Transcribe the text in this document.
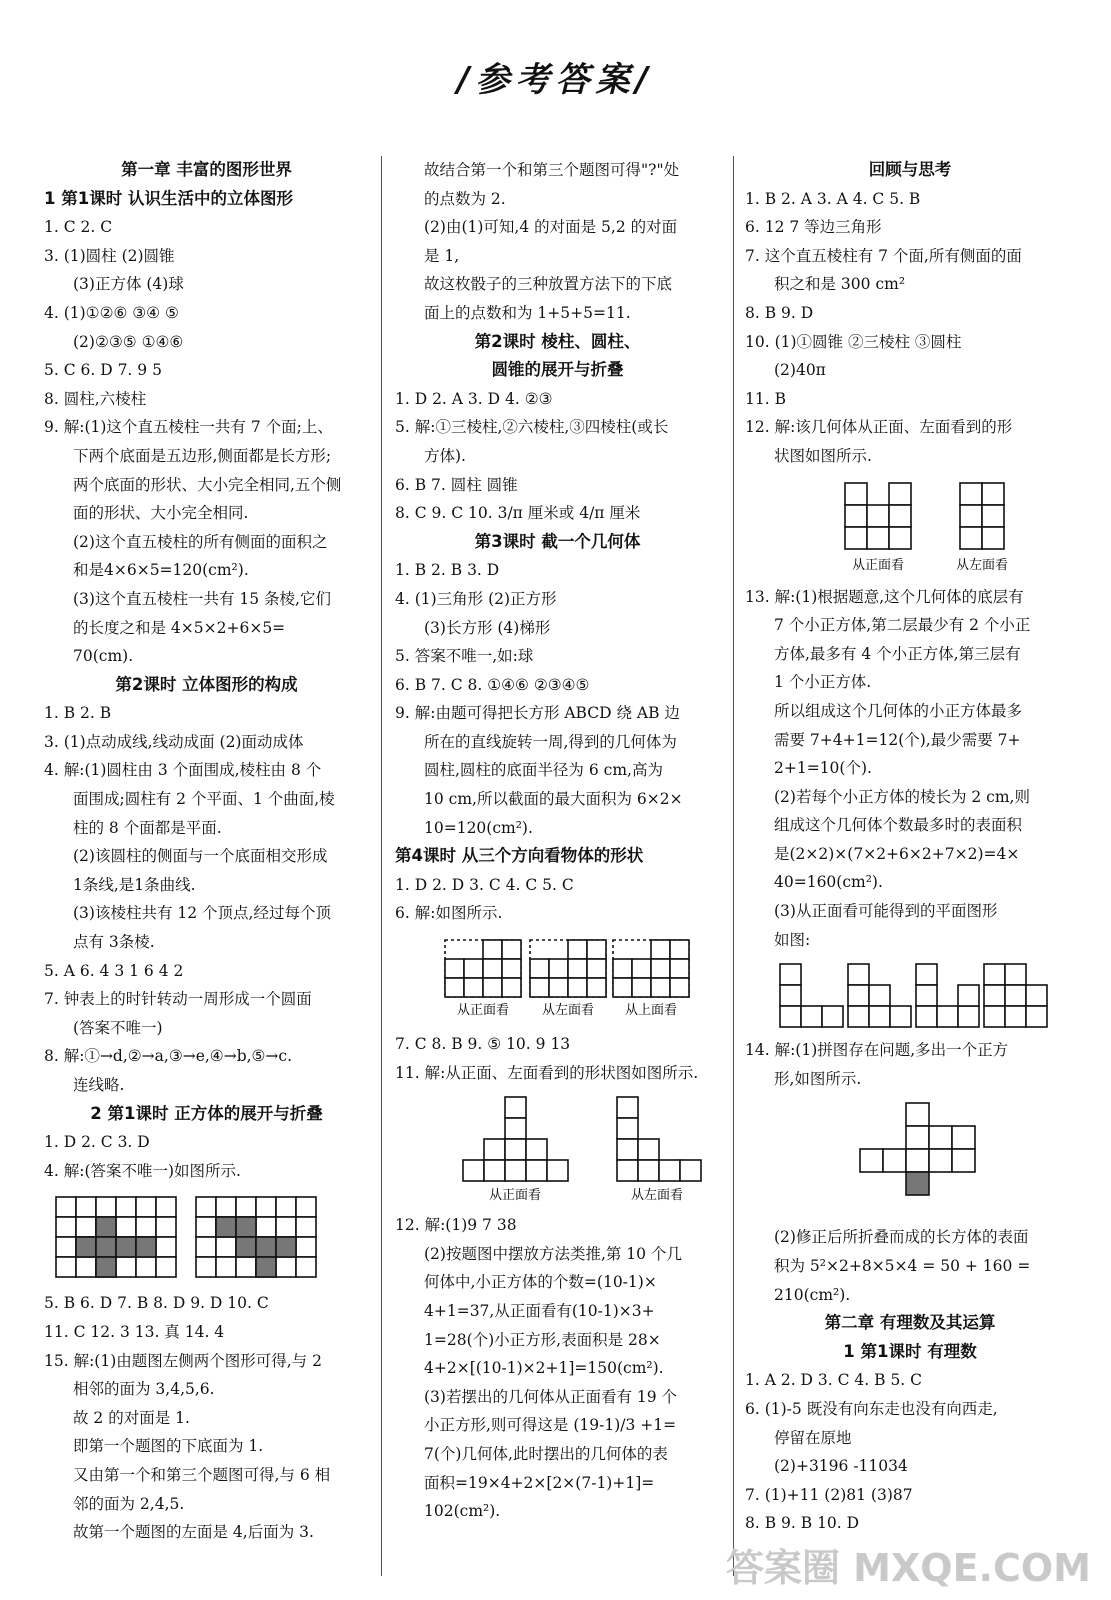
/参考答案/
第一章 丰富的图形世界
1 第1课时 认识生活中的立体图形
1. C 2. C
3. (1)圆柱 (2)圆锥
(3)正方体 (4)球
4. (1)①②⑥ ③④ ⑤
(2)②③⑤ ①④⑥
5. C 6. D 7. 9 5
8. 圆柱,六棱柱
9. 解:(1)这个直五棱柱一共有 7 个面;上、
下两个底面是五边形,侧面都是长方形;
两个底面的形状、大小完全相同,五个侧
面的形状、大小完全相同.
(2)这个直五棱柱的所有侧面的面积之
和是4×6×5=120(cm²).
(3)这个直五棱柱一共有 15 条棱,它们
的长度之和是 4×5×2+6×5=
70(cm).
第2课时 立体图形的构成
1. B 2. B
3. (1)点动成线,线动成面 (2)面动成体
4. 解:(1)圆柱由 3 个面围成,棱柱由 8 个
面围成;圆柱有 2 个平面、1 个曲面,棱
柱的 8 个面都是平面.
(2)该圆柱的侧面与一个底面相交形成
1条线,是1条曲线.
(3)该棱柱共有 12 个顶点,经过每个顶
点有 3条棱.
5. A 6. 4 3 1 6 4 2
7. 钟表上的时针转动一周形成一个圆面
(答案不唯一)
8. 解:①→d,②→a,③→e,④→b,⑤→c.
连线略.
2 第1课时 正方体的展开与折叠
1. D 2. C 3. D
4. 解:(答案不唯一)如图所示.
5. B 6. D 7. B 8. D 9. D 10. C
11. C 12. 3 13. 真 14. 4
15. 解:(1)由题图左侧两个图形可得,与 2
相邻的面为 3,4,5,6.
故 2 的对面是 1.
即第一个题图的下底面为 1.
又由第一个和第三个题图可得,与 6 相
邻的面为 2,4,5.
故第一个题图的左面是 4,后面为 3.
故结合第一个和第三个题图可得"?"处
的点数为 2.
(2)由(1)可知,4 的对面是 5,2 的对面
是 1,
故这枚骰子的三种放置方法下的下底
面上的点数和为 1+5+5=11.
第2课时 棱柱、圆柱、
圆锥的展开与折叠
1. D 2. A 3. D 4. ②③
5. 解:①三棱柱,②六棱柱,③四棱柱(或长
方体).
6. B 7. 圆柱 圆锥
8. C 9. C 10. 3/π 厘米或 4/π 厘米
第3课时 截一个几何体
1. B 2. B 3. D
4. (1)三角形 (2)正方形
(3)长方形 (4)梯形
5. 答案不唯一,如:球
6. B 7. C 8. ①④⑥ ②③④⑤
9. 解:由题可得把长方形 ABCD 绕 AB 边
所在的直线旋转一周,得到的几何体为
圆柱,圆柱的底面半径为 6 cm,高为
10 cm,所以截面的最大面积为 6×2×
10=120(cm²).
第4课时 从三个方向看物体的形状
1. D 2. D 3. C 4. C 5. C
6. 解:如图所示.
从正面看	从左面看 从上面看
7. C 8. B 9. ⑤ 10. 9 13
11. 解:从正面、左面看到的形状图如图所示.
从正面看	从左面看
12. 解:(1)9 7 38
(2)按题图中摆放方法类推,第 10 个几
何体中,小正方体的个数=(10-1)×
4+1=37,从正面看有(10-1)×3+
1=28(个)小正方形,表面积是 28×
4+2×[(10-1)×2+1]=150(cm²).
(3)若摆出的几何体从正面看有 19 个
小正方形,则可得这是 (19-1)/3 +1=
7(个)几何体,此时摆出的几何体的表
面积=19×4+2×[2×(7-1)+1]=
102(cm²).
回顾与思考
1. B 2. A 3. A 4. C 5. B
6. 12 7 等边三角形
7. 这个直五棱柱有 7 个面,所有侧面的面
积之和是 300 cm²
8. B 9. D
10. (1)①圆锥 ②三棱柱 ③圆柱
(2)40π
11. B
12. 解:该几何体从正面、左面看到的形
状图如图所示.
从正面看	从左面看
13. 解:(1)根据题意,这个几何体的底层有
7 个小正方体,第二层最少有 2 个小正
方体,最多有 4 个小正方体,第三层有
1 个小正方体.
所以组成这个几何体的小正方体最多
需要 7+4+1=12(个),最少需要 7+
2+1=10(个).
(2)若每个小正方体的棱长为 2 cm,则
组成这个几何体个数最多时的表面积
是(2×2)×(7×2+6×2+7×2)=4×
40=160(cm²).
(3)从正面看可能得到的平面图形
如图:
14. 解:(1)拼图存在问题,多出一个正方
形,如图所示.
(2)修正后所折叠而成的长方体的表面
积为 5²×2+8×5×4 = 50 + 160 =
210(cm²).
第二章 有理数及其运算
1 第1课时 有理数
1. A 2. D 3. C 4. B 5. C
6. (1)-5 既没有向东走也没有向西走,
停留在原地
(2)+3196 -11034
7. (1)+11 (2)81 (3)87
8. B 9. B 10. D
答案圈 MXQE.COM
